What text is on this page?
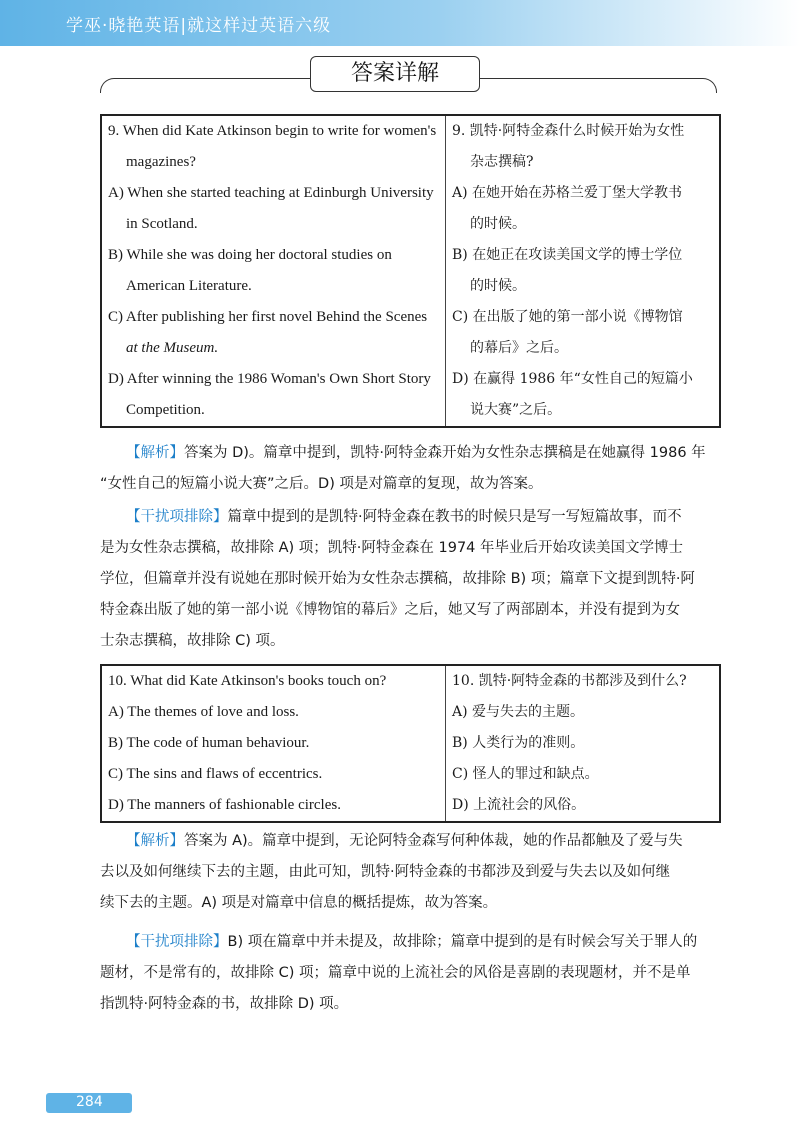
学巫·晓艳英语|就这样过英语六级
答案详解
9. When did Kate Atkinson begin to write for women's
magazines?
A) When she started teaching at Edinburgh University
in Scotland.
B) While she was doing her doctoral studies on
American Literature.
C) After publishing her first novel Behind the Scenes
at the Museum.
D) After winning the 1986 Woman's Own Short Story
Competition.

9. 凯特·阿特金森什么时候开始为女性
杂志撰稿?
A) 在她开始在苏格兰爱丁堡大学教书
的时候。
B) 在她正在攻读美国文学的博士学位
的时候。
C) 在出版了她的第一部小说《博物馆
的幕后》之后。
D) 在赢得 1986 年“女性自己的短篇小
说大赛”之后。
【解析】答案为 D)。篇章中提到，凯特·阿特金森开始为女性杂志撰稿是在她赢得 1986 年
“女性自己的短篇小说大赛”之后。D) 项是对篇章的复现，故为答案。
【干扰项排除】篇章中提到的是凯特·阿特金森在教书的时候只是写一写短篇故事，而不
是为女性杂志撰稿，故排除 A) 项；凯特·阿特金森在 1974 年毕业后开始攻读美国文学博士
学位，但篇章并没有说她在那时候开始为女性杂志撰稿，故排除 B) 项；篇章下文提到凯特·阿
特金森出版了她的第一部小说《博物馆的幕后》之后，她又写了两部剧本，并没有提到为女
士杂志撰稿，故排除 C) 项。
10. What did Kate Atkinson's books touch on?
A) The themes of love and loss.
B) The code of human behaviour.
C) The sins and flaws of eccentrics.
D) The manners of fashionable circles.

10. 凯特·阿特金森的书都涉及到什么?
A) 爱与失去的主题。
B) 人类行为的准则。
C) 怪人的罪过和缺点。
D) 上流社会的风俗。
【解析】答案为 A)。篇章中提到，无论阿特金森写何种体裁，她的作品都触及了爱与失
去以及如何继续下去的主题，由此可知，凯特·阿特金森的书都涉及到爱与失去以及如何继
续下去的主题。A) 项是对篇章中信息的概括提炼，故为答案。
【干扰项排除】B) 项在篇章中并未提及，故排除；篇章中提到的是有时候会写关于罪人的
题材，不是常有的，故排除 C) 项；篇章中说的上流社会的风俗是喜剧的表现题材，并不是单
指凯特·阿特金森的书，故排除 D) 项。
284
